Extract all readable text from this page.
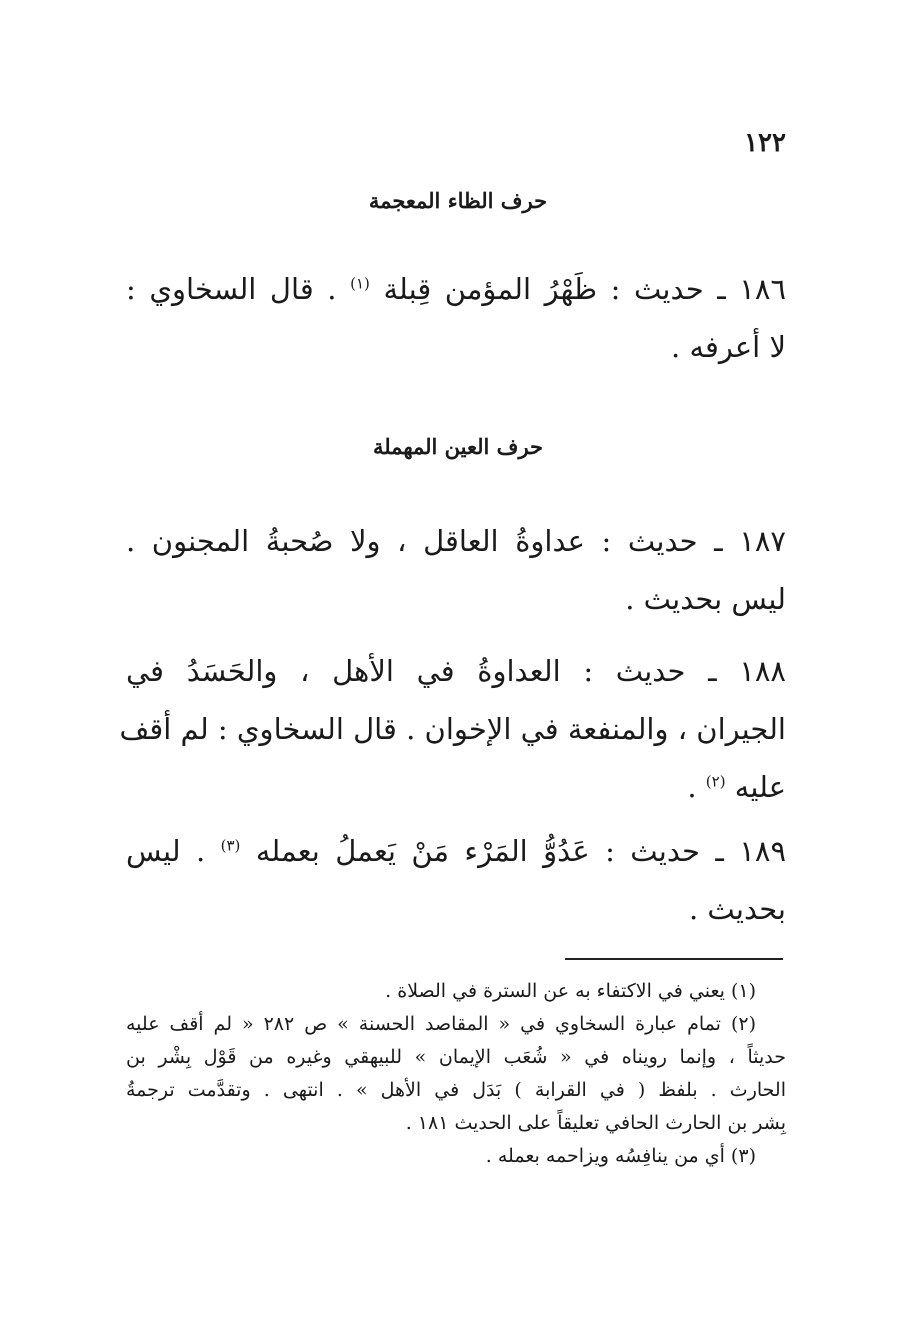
١٢٢
حرف الظاء المعجمة
١٨٦ ـ حديث : ظَهْرُ المؤمن قِبلة $^{(١)}$ . قال السخاوي :
لا أعرفه .
حرف العين المهملة
١٨٧ ـ حديث : عداوةُ العاقل ، ولا صُحبةُ المجنون .
ليس بحديث .
١٨٨ ـ حديث : العداوةُ في الأهل ، والحَسَدُ في
الجيران ، والمنفعة في الإخوان . قال السخاوي : لم أقف
عليه $^{(٢)}$ .
١٨٩ ـ حديث : عَدُوُّ المَرْء مَنْ يَعملُ بعمله $^{(٣)}$ . ليس
بحديث .
(١) يعني في الاكتفاء به عن السترة في الصلاة .
(٢) تمام عبارة السخاوي في « المقاصد الحسنة » ص ٢٨٢ « لم أقف عليه
حديثاً ، وإنما رويناه في « شُعَب الإيمان » للبيهقي وغيره من قَوْل بِشْر بن
الحارث . بلفظ ( في القرابة ) بَدَل في الأهل » . انتهى . وتقدَّمت ترجمةُ
بِشر بن الحارث الحافي تعليقاً على الحديث ١٨١ .
(٣) أي من ينافِسُه ويزاحمه بعمله .
